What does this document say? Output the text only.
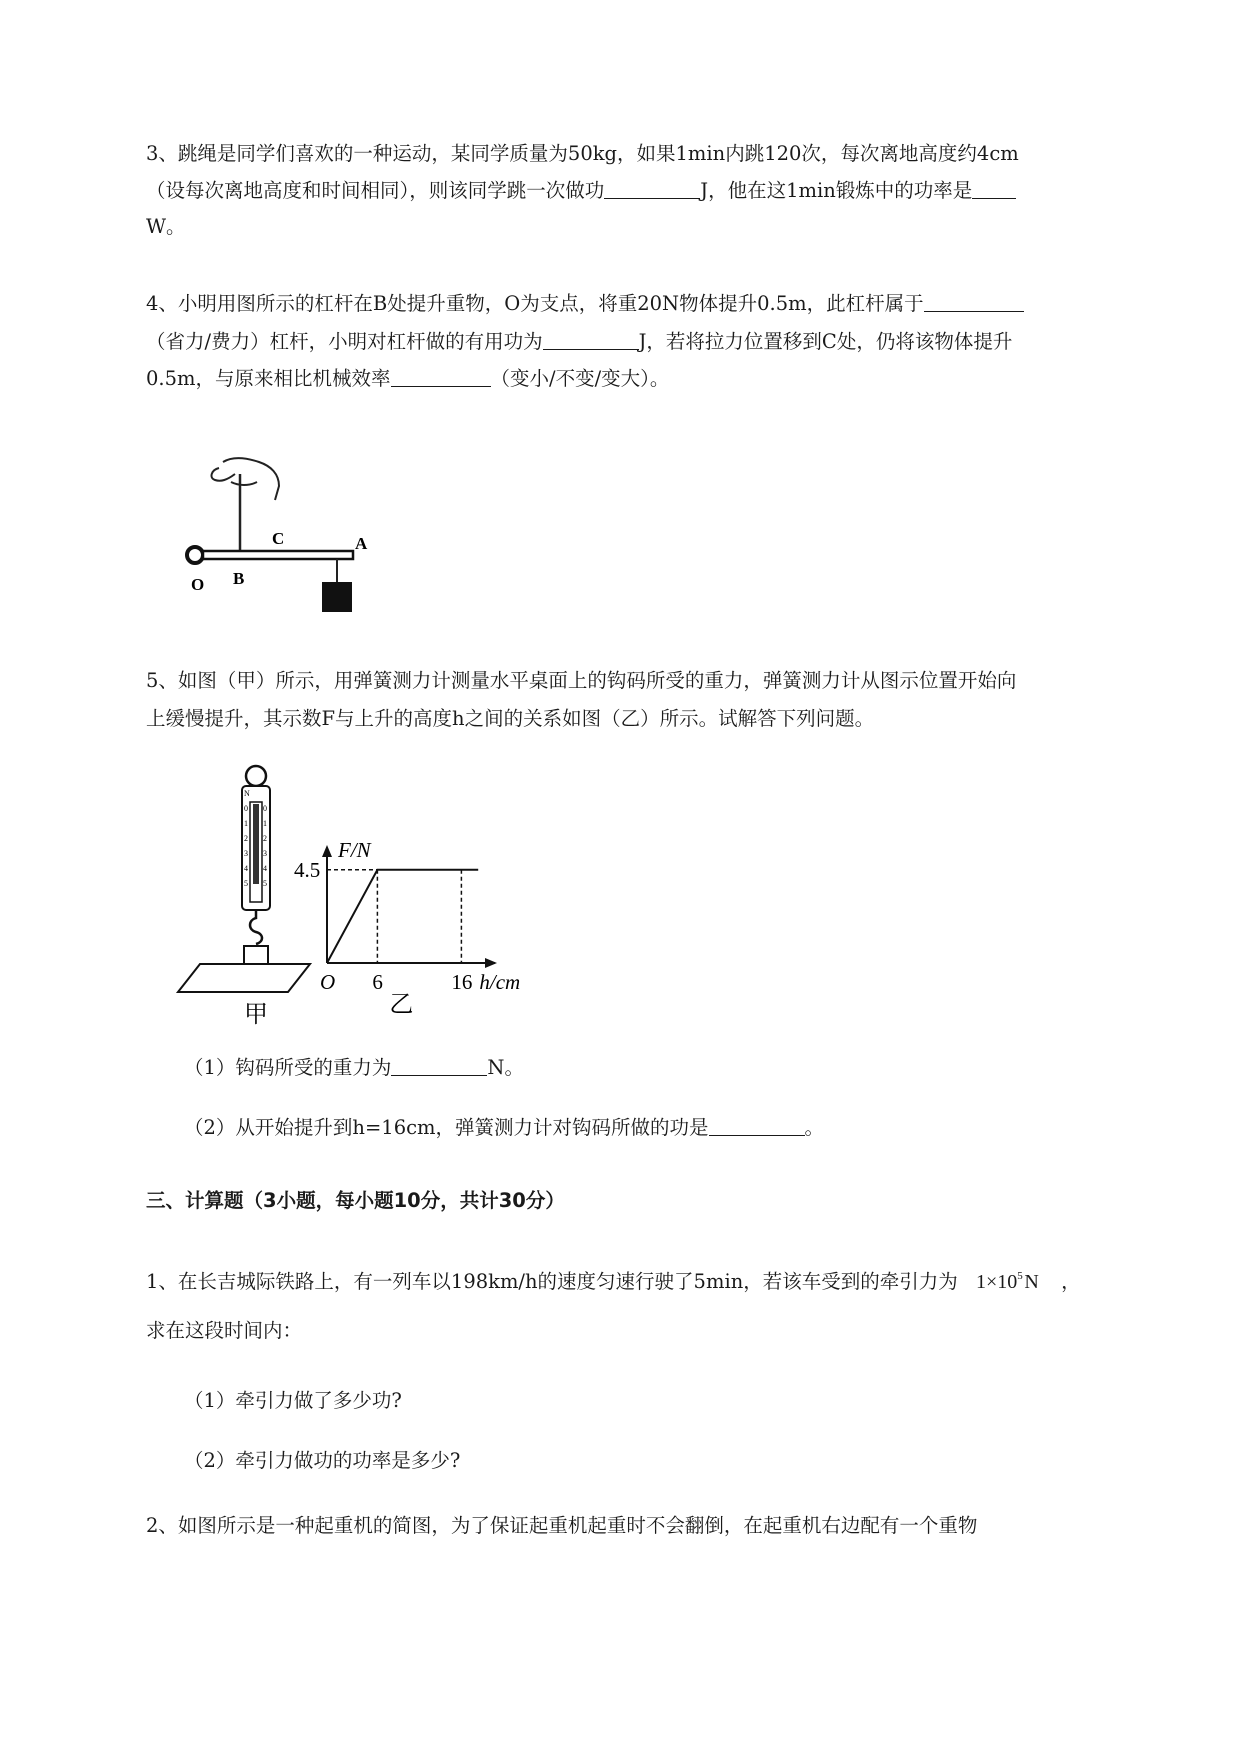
3、跳绳是同学们喜欢的一种运动，某同学质量为50kg，如果1min内跳120次，每次离地高度约4cm
（设每次离地高度和时间相同），则该同学跳一次做功	J，他在这1min锻炼中的功率是
W。
4、小明用图所示的杠杆在B处提升重物，O为支点，将重20N物体提升0.5m，此杠杆属于
（省力/费力）杠杆，小明对杠杆做的有用功为	J，若将拉力位置移到C处，仍将该物体提升
0.5m，与原来相比机械效率	（变小/不变/变大）。
O B
C	A
5、如图（甲）所示，用弹簧测力计测量水平桌面上的钩码所受的重力，弹簧测力计从图示位置开始向
上缓慢提升，其示数F与上升的高度h之间的关系如图（乙）所示。试解答下列问题。
N
0 0
1 1
2 2
3 3
4 4
5 5
甲
O 6	16 h/cm
4.5
F/N
乙
（1）钩码所受的重力为	N。
（2）从开始提升到h=16cm，弹簧测力计对钩码所做的功是	。
三、计算题（3小题，每小题10分，共计30分）
1、在长吉城际铁路上，有一列车以198km/h的速度匀速行驶了5min，若该车受到的牵引力为 $1\times 10^5$ N ，
求在这段时间内：
（1）牵引力做了多少功?
（2）牵引力做功的功率是多少?
2、如图所示是一种起重机的简图，为了保证起重机起重时不会翻倒，在起重机右边配有一个重物
